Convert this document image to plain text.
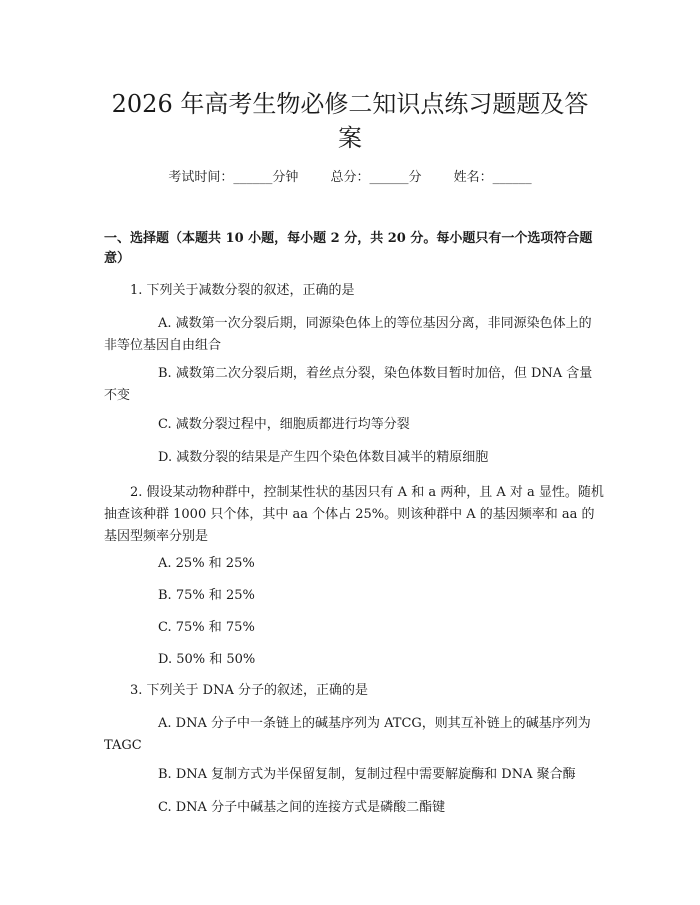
2026 年高考生物必修二知识点练习题题及答
案
考试时间：______分钟 总分：______分 姓名：______
一、选择题（本题共 10 小题，每小题 2 分，共 20 分。每小题只有一个选项符合题意）
1. 下列关于减数分裂的叙述，正确的是
A. 减数第一次分裂后期，同源染色体上的等位基因分离，非同源染色体上的非等位基因自由组合
B. 减数第二次分裂后期，着丝点分裂，染色体数目暂时加倍，但 DNA 含量不变
C. 减数分裂过程中，细胞质都进行均等分裂
D. 减数分裂的结果是产生四个染色体数目减半的精原细胞
2. 假设某动物种群中，控制某性状的基因只有 A 和 a 两种，且 A 对 a 显性。随机抽查该种群 1000 只个体，其中 aa 个体占 25%。则该种群中 A 的基因频率和 aa 的基因型频率分别是
A. 25% 和 25%
B. 75% 和 25%
C. 75% 和 75%
D. 50% 和 50%
3. 下列关于 DNA 分子的叙述，正确的是
A. DNA 分子中一条链上的碱基序列为 ATCG，则其互补链上的碱基序列为 TAGC
B. DNA 复制方式为半保留复制，复制过程中需要解旋酶和 DNA 聚合酶
C. DNA 分子中碱基之间的连接方式是磷酸二酯键
